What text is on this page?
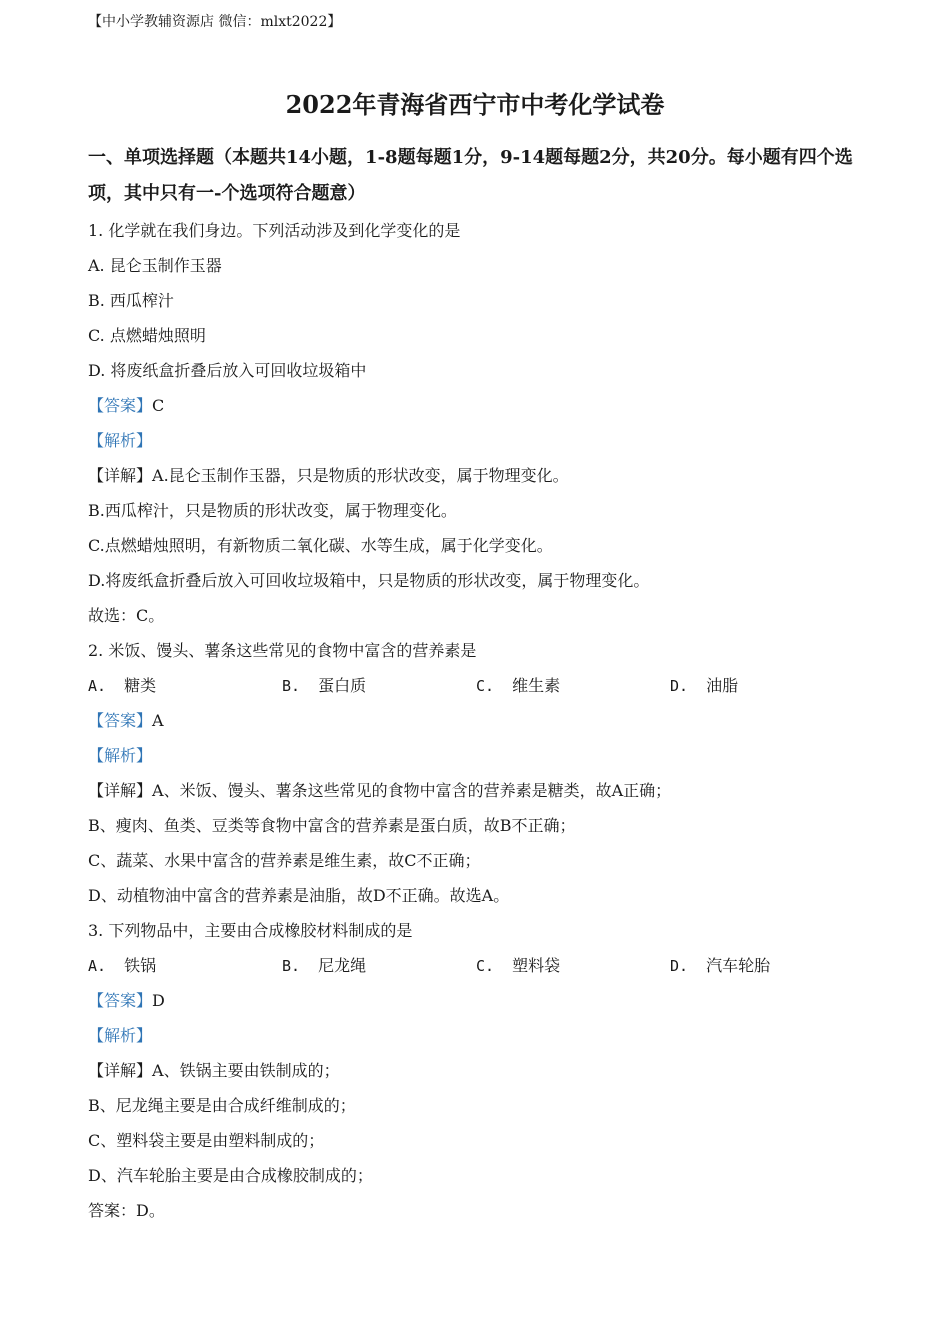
【中小学教辅资源店 微信：mlxt2022】
2022年青海省西宁市中考化学试卷
一、单项选择题（本题共14小题，1-8题每题1分，9-14题每题2分，共20分。每小题有四个选项，其中只有一-个选项符合题意）
1. 化学就在我们身边。下列活动涉及到化学变化的是
A. 昆仑玉制作玉器
B. 西瓜榨汁
C. 点燃蜡烛照明
D. 将废纸盒折叠后放入可回收垃圾箱中
【答案】C
【解析】
【详解】A.昆仑玉制作玉器，只是物质的形状改变，属于物理变化。
B.西瓜榨汁，只是物质的形状改变，属于物理变化。
C.点燃蜡烛照明，有新物质二氧化碳、水等生成，属于化学变化。
D.将废纸盒折叠后放入可回收垃圾箱中，只是物质的形状改变，属于物理变化。
故选：C。
2. 米饭、馒头、薯条这些常见的食物中富含的营养素是
A. 糖类	B. 蛋白质	C. 维生素	D. 油脂
【答案】A
【解析】
【详解】A、米饭、馒头、薯条这些常见的食物中富含的营养素是糖类，故A正确；
B、瘦肉、鱼类、豆类等食物中富含的营养素是蛋白质，故B不正确；
C、蔬菜、水果中富含的营养素是维生素，故C不正确；
D、动植物油中富含的营养素是油脂，故D不正确。故选A。
3. 下列物品中，主要由合成橡胶材料制成的是
A. 铁锅	B. 尼龙绳	C. 塑料袋	D. 汽车轮胎
【答案】D
【解析】
【详解】A、铁锅主要由铁制成的；
B、尼龙绳主要是由合成纤维制成的；
C、塑料袋主要是由塑料制成的；
D、汽车轮胎主要是由合成橡胶制成的；
答案：D。
